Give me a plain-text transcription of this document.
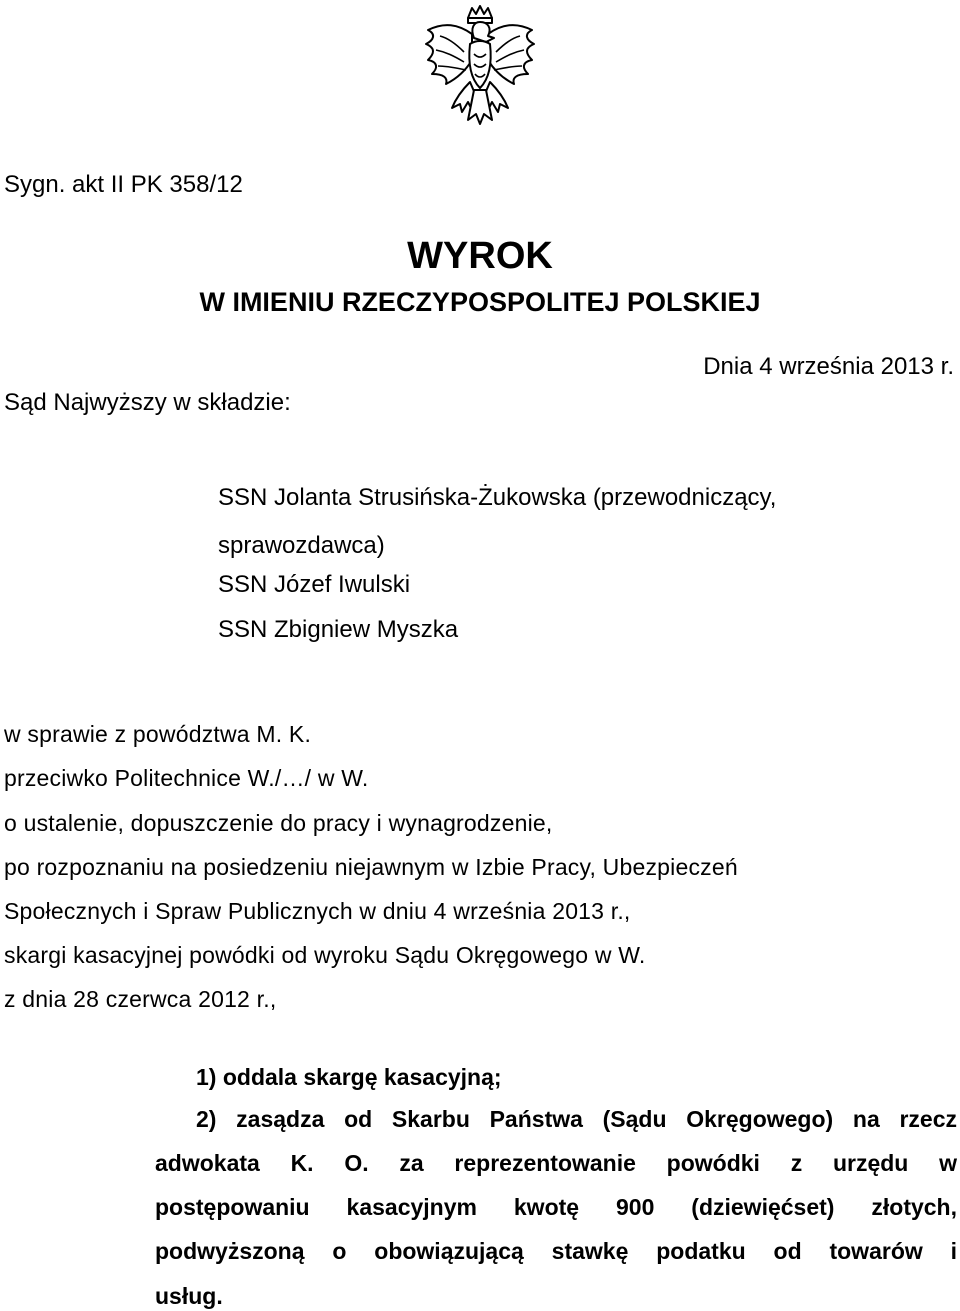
Sygn. akt II PK 358/12
WYROK
W IMIENIU RZECZYPOSPOLITEJ POLSKIEJ
Dnia 4 września 2013 r.
Sąd Najwyższy w składzie:
SSN Jolanta Strusińska-Żukowska (przewodniczący,
sprawozdawca)
SSN Józef Iwulski
SSN Zbigniew Myszka
w sprawie z powództwa M. K.
przeciwko Politechnice W./…/ w W.
o ustalenie, dopuszczenie do pracy i wynagrodzenie,
po rozpoznaniu na posiedzeniu niejawnym w Izbie Pracy, Ubezpieczeń
Społecznych i Spraw Publicznych w dniu 4 września 2013 r.,
skargi kasacyjnej powódki od wyroku Sądu Okręgowego w W.
z dnia 28 czerwca 2012 r.,
1) oddala skargę kasacyjną;
2) zasądza od Skarbu Państwa (Sądu Okręgowego) na rzecz
adwokata K. O. za reprezentowanie powódki z urzędu w
postępowaniu kasacyjnym kwotę 900 (dziewięćset) złotych,
podwyższoną o obowiązującą stawkę podatku od towarów i
usług.
